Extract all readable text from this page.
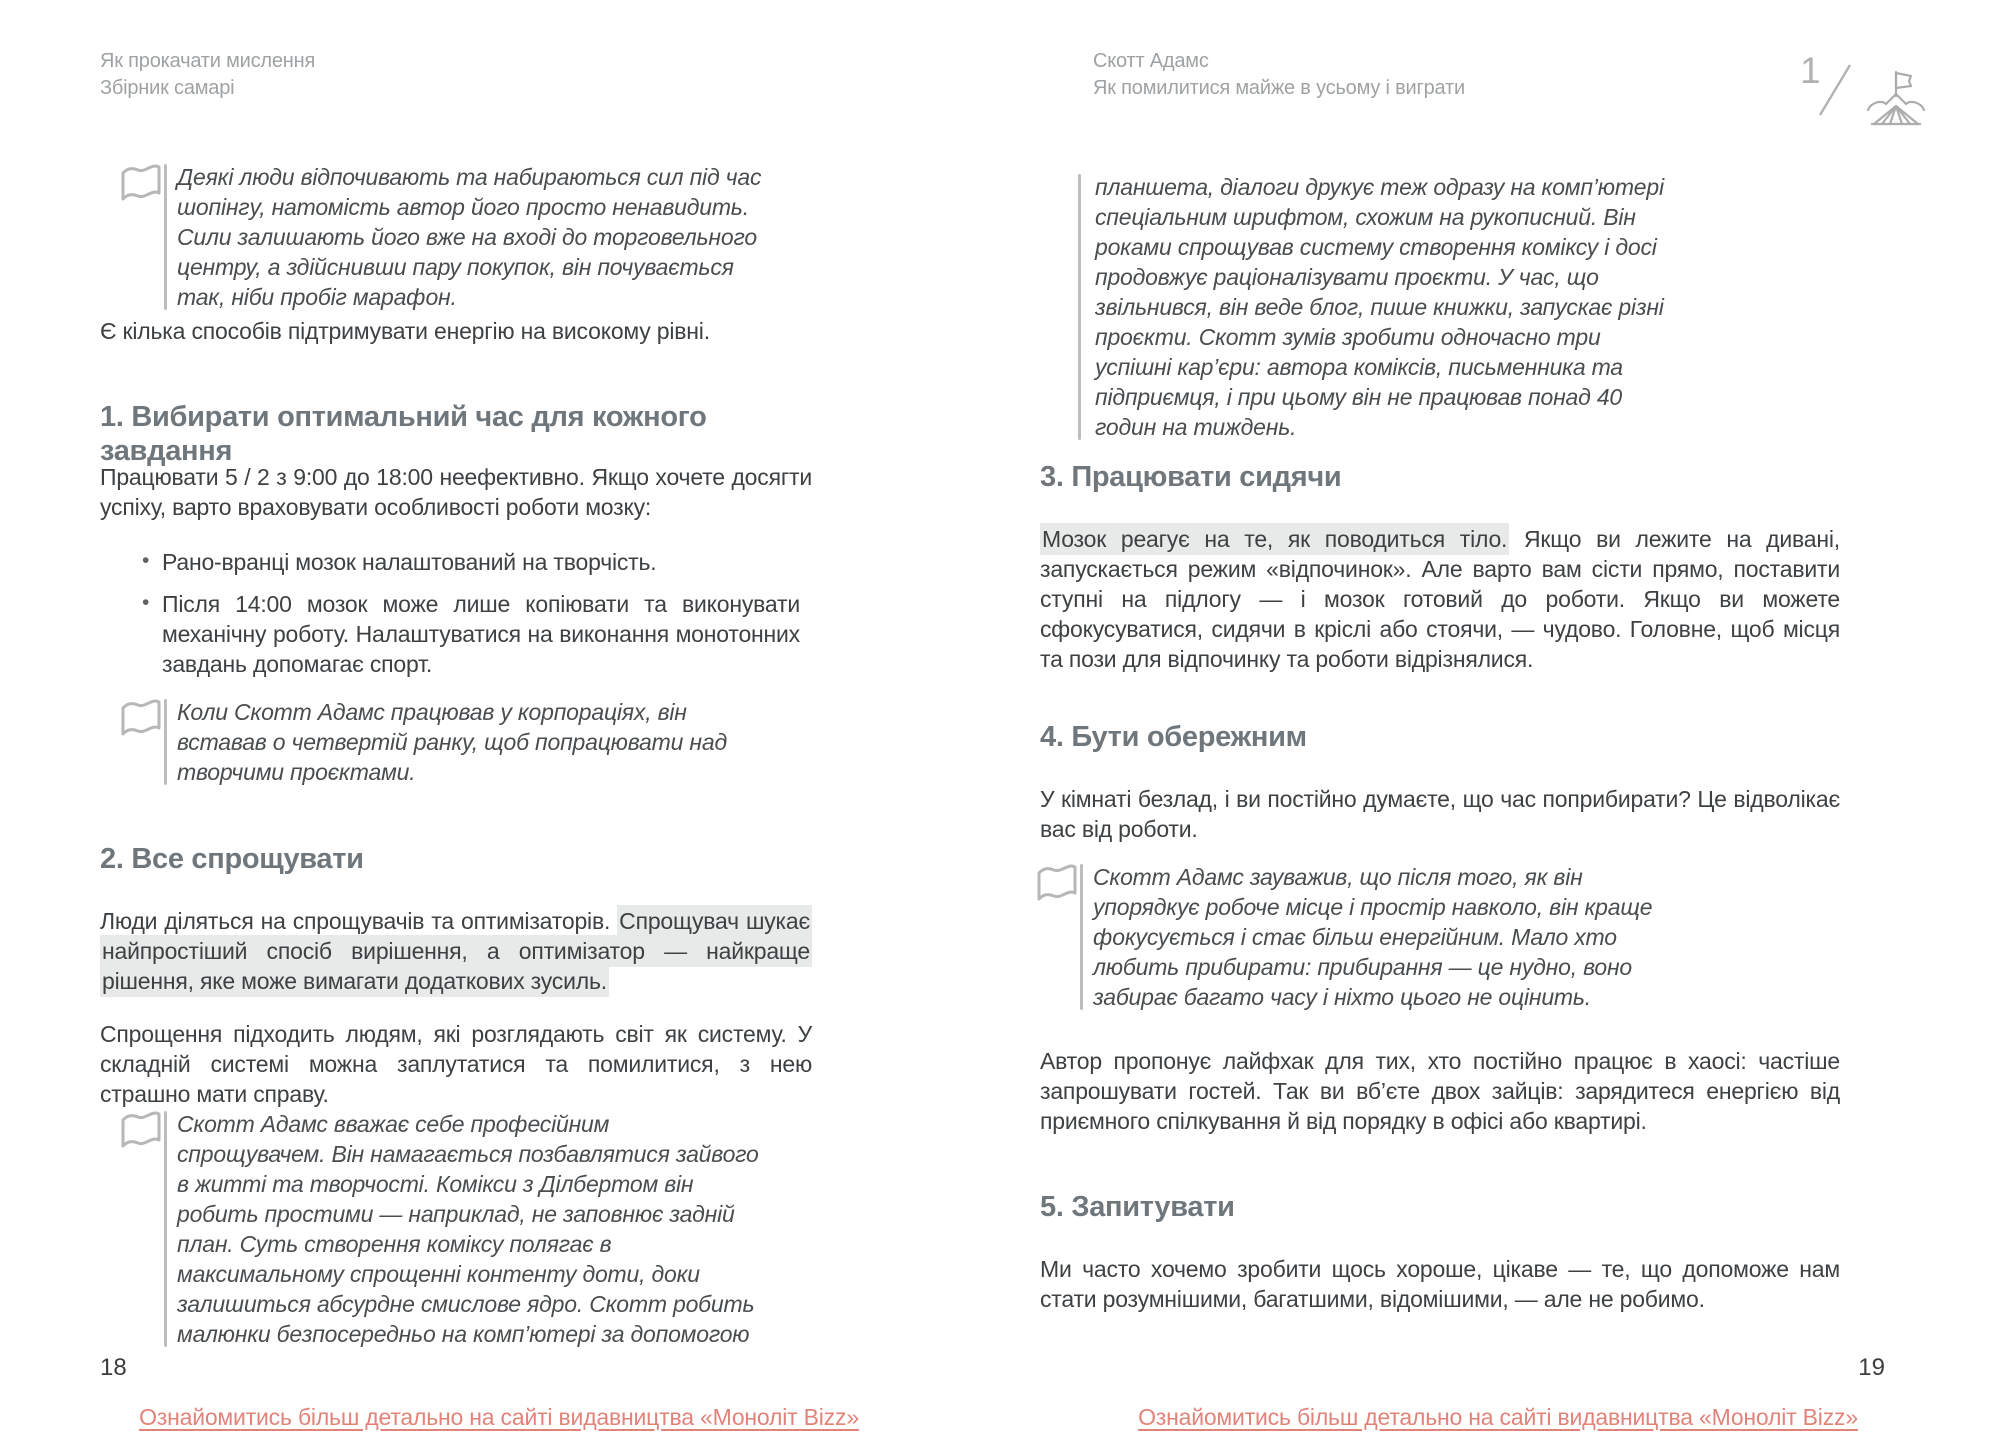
Як прокачати мислення
Збірник самарі
Скотт Адамс
Як помилитися майже в усьому і виграти	1
Деякі люди відпочивають та набираються сил під час шопінгу, натомість автор його просто ненавидить. Сили залишають його вже на вході до торговельного центру, а здійснивши пару покупок, він почувається так, ніби пробіг марафон.
Є кілька способів підтримувати енергію на високому рівні.
1. Вибирати оптимальний час для кожного завдання
Працювати 5 / 2 з 9:00 до 18:00 неефективно. Якщо хочете досягти успіху, варто враховувати особливості роботи мозку:
• Рано-вранці мозок налаштований на творчість.
• Після 14:00 мозок може лише копіювати та виконувати механічну роботу. Налаштуватися на виконання монотонних завдань допомагає спорт.
Коли Скотт Адамс працював у корпораціях, він вставав о четвертій ранку, щоб попрацювати над творчими проєктами.
2. Все спрощувати
Люди діляться на спрощувачів та оптимізаторів. Спрощувач шукає найпростіший спосіб вирішення, а оптимізатор — найкраще рішення, яке може вимагати додаткових зусиль.
Спрощення підходить людям, які розглядають світ як систему. У складній системі можна заплутатися та помилитися, з нею страшно мати справу.
Скотт Адамс вважає себе професійним спрощувачем. Він намагається позбавлятися зайвого в житті та творчості. Комікси з Ділбертом він робить простими — наприклад, не заповнює задній план. Суть створення коміксу полягає в максимальному спрощенні контенту доти, доки залишиться абсурдне смислове ядро. Скотт робить малюнки безпосередньо на комп’ютері за допомогою
18
Ознайомитись більш детально на сайті видавництва «Моноліт Bizz»
планшета, діалоги друкує теж одразу на комп’ютері спеціальним шрифтом, схожим на рукописний. Він роками спрощував систему створення коміксу і досі продовжує раціоналізувати проєкти. У час, що звільнився, він веде блог, пише книжки, запускає різні проєкти. Скотт зумів зробити одночасно три успішні кар’єри: автора коміксів, письменника та підприємця, і при цьому він не працював понад 40 годин на тиждень.
3. Працювати сидячи
Мозок реагує на те, як поводиться тіло. Якщо ви лежите на дивані, запускається режим «відпочинок». Але варто вам сісти прямо, поставити ступні на підлогу — і мозок готовий до роботи. Якщо ви можете сфокусуватися, сидячи в кріслі або стоячи, — чудово. Головне, щоб місця та пози для відпочинку та роботи відрізнялися.
4. Бути обережним
У кімнаті безлад, і ви постійно думаєте, що час поприбирати? Це відволікає вас від роботи.
Скотт Адамс зауважив, що після того, як він упорядкує робоче місце і простір навколо, він краще фокусується і стає більш енергійним. Мало хто любить прибирати: прибирання — це нудно, воно забирає багато часу і ніхто цього не оцінить.
Автор пропонує лайфхак для тих, хто постійно працює в хаосі: частіше запрошувати гостей. Так ви вб’єте двох зайців: зарядитеся енергією від приємного спілкування й від порядку в офісі або квартирі.
5. Запитувати
Ми часто хочемо зробити щось хороше, цікаве — те, що допоможе нам стати розумнішими, багатшими, відомішими, — але не робимо.
19
Ознайомитись більш детально на сайті видавництва «Моноліт Bizz»
